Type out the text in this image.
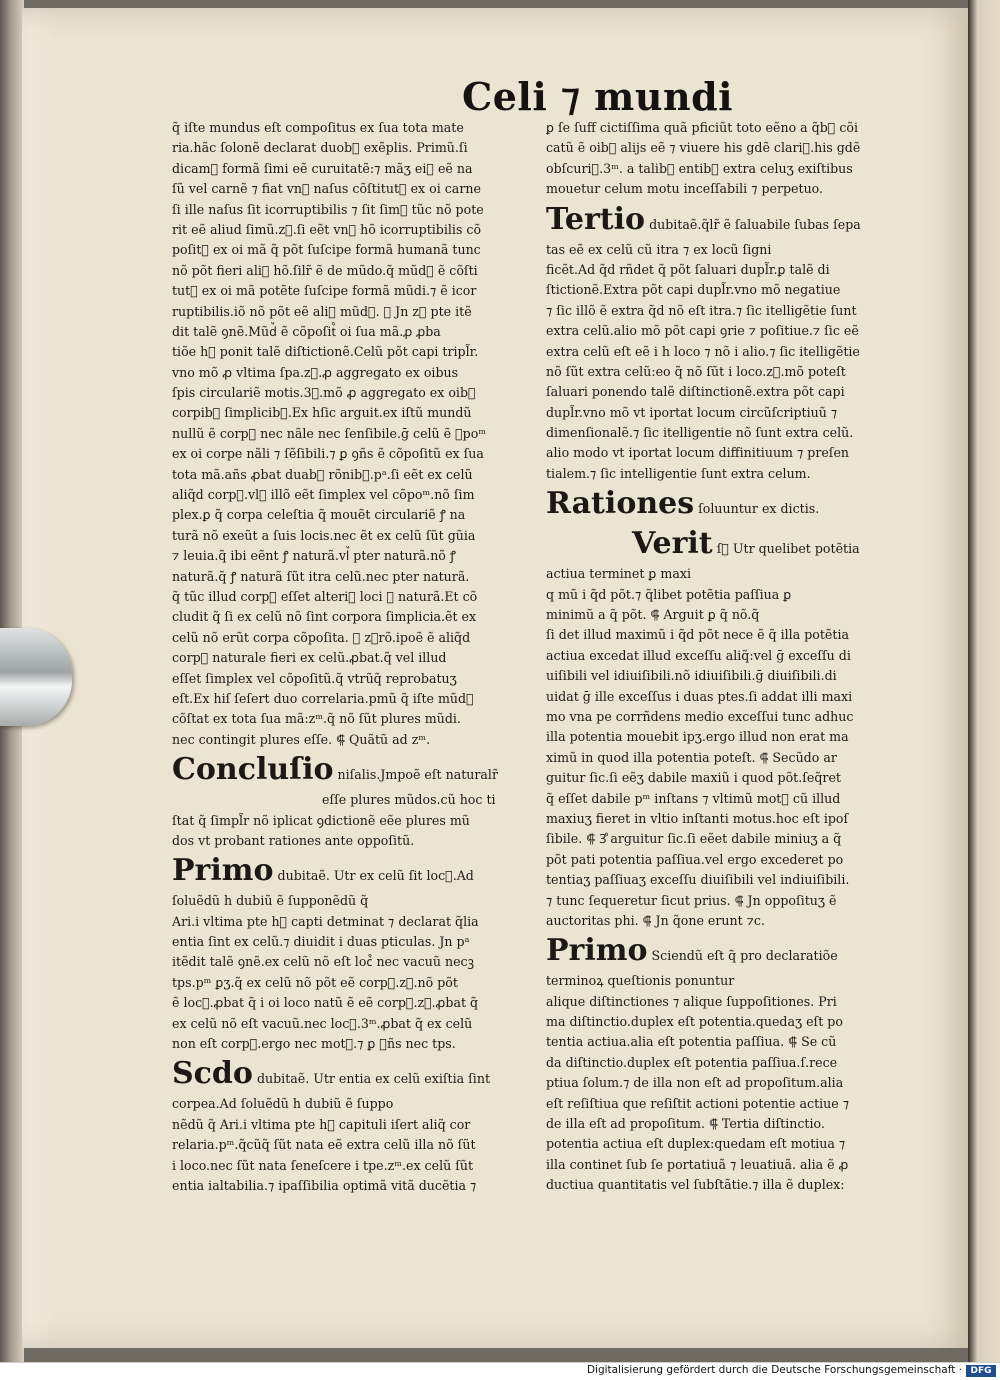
Celi ⁊ mundi
q̃ iſte mundus eſt compoſitus ex ſua tota mate
ria.hãc ſolonẽ declarat duob᷒ exẽplis. Primũ.ſi
dicam᷒ formã ſimi eẽ curuitatẽ:⁊ mãʒ ei᷒ eẽ na
ſũ vel carnẽ ⁊ fiat vn᷒ naſus cõſtitut᷒ ex oi carne
ſi ille naſus ſit icorruptibilis ⁊ ſit ſim᷒ tũc nõ pote
rit eẽ aliud ſimũ.z᷒.ſi eẽt vn᷒ hõ icorruptibilis cõ
poſit᷒ ex oi mã q̃ põt ſuſcipe formã humanã tunc
nõ põt fieri ali᷒ hõ.ſilr̃ ẽ de mũdo.q̃ mũd᷒ ẽ cõſti
tut᷒ ex oi mã potẽte ſuſcipe formã mũdi.⁊ ẽ icor
ruptibilis.iõ nõ põt eẽ ali᷒ mũd᷒. ⸿ Jn z᷒ pte itẽ
dit talẽ ꝯnẽ.Mũd᷒ ẽ cõpoſit᷒ oi ſua mã.ꝓ ꝓba
tiõe h᷒ ponit talẽ diſtictionẽ.Celũ põt capi tripl̃r.
vno mõ ꝓ vltima ſpa.z᷒.ꝓ aggregato ex oibus
ſpis circulariẽ motis.3᷒.mõ ꝓ aggregato ex oib᷒
corpib᷒ ſimplicib᷒.Ex hſic arguit.ex iſtũ mundũ
nullũ ẽ corp᷒ nec nãle nec ſenſibile.ḡ celũ ẽ ꝯpoᵐ
ex oi corpe nãli ⁊ ſẽſibili.⁊ ꝑ ꝯñs ẽ cõpoſitũ ex ſua
tota mã.añs ꝓbat duab᷒ rõnib᷒.pᵃ.ſi eẽt ex celũ
aliq̃d corp᷒.vl᷒ illõ eẽt ſimplex vel cõpoᵐ.nõ ſim
plex.ꝑ q̃ corpa celeſtia q̃ mouẽt circulariẽ ꝭ na
turã nõ exeũt a ſuis locis.nec ẽt ex celũ ſũt gũia
⁊ leuia.q̃ ibi eẽnt ꝭ naturã.vl᷒ pter naturã.nõ ꝭ
naturã.q̃ ꝭ naturã ſũt itra celũ.nec pter naturã.
q̃ tũc illud corp᷒ eſſet alteri᷒ loci ꝭ naturã.Et cõ
cludit q̃ ſi ex celũ nõ ſint corpora ſimplicia.ẽt ex
celũ nõ erũt corpa cõpoſita. ⸿ z᷒rõ.ipoẽ ẽ aliq̃d
corp᷒ naturale fieri ex celũ.ꝓbat.q̃ vel illud
eſſet ſimplex vel cõpoſitũ.q̃ vtrũq̃ reprobatuʒ
eſt.Ex hiſ ſeſert duo correlaria.pmũ q̃ iſte mũd᷒
cõſtat ex tota ſua mã:zᵐ.q̃ nõ ſũt plures mũdi.
nec contingit plures eſſe. ⸿ Quãtũ ad zᵐ.
Concluſio niſalis.Jmpoẽ eſt naturalr̃
eſſe plures mũdos.cũ hoc ti
ſtat q̃ ſimpl̃r nõ iplicat ꝯdictionẽ eẽe plures mũ
dos vt probant rationes ante oppoſitũ.
Primo dubitaẽ. Utr ex celũ ſit loc᷒.Ad
ſoluẽdũ h dubiũ ẽ ſupponẽdũ q̃
Ari.i vltima pte h᷒ capti detminat ⁊ declarat q̃lia
entia ſint ex celũ.⁊ diuidit i duas pticulas. Jn pᵃ
itẽdit talẽ ꝯnẽ.ex celũ nõ eſt loc᷒ nec vacuũ necꝫ
tps.pᵐ ꝑʒ.q̃ ex celũ nõ põt eẽ corp᷒.z᷒.nõ põt
ẽ loc᷒.ꝓbat q̃ i oi loco natũ ẽ eẽ corp᷒.z᷒.ꝓbat q̃
ex celũ nõ eſt vacuũ.nec loc᷒.3ᵐ.ꝓbat q̃ ex celũ
non eſt corp᷒.ergo nec mot᷒.⁊ ꝑ ꝯñs nec tps.
Scdo dubitaẽ. Utr entia ex celũ exiſtia ſint
corpea.Ad ſoluẽdũ h dubiũ ẽ ſuppo
nẽdũ q̃ Ari.i vltima pte h᷒ capituli iſert aliq̃ cor
relaria.pᵐ.q̃cũq̃ ſũt nata eẽ extra celũ illa nõ ſũt
i loco.nec ſũt nata ſeneſcere i tpe.zᵐ.ex celũ ſũt
entia ialtabilia.⁊ ipaſſibilia optimã vitã ducẽtia ⁊
ꝑ ſe ſuff cictiſſima quã pficiũt toto eẽno a q̃b᷒ cõi
catũ ẽ oib᷒ alijs eẽ ⁊ viuere his gdẽ clari᷒.his gdẽ
obſcuri᷒.3ᵐ. a talib᷒ entib᷒ extra celuʒ exiſtibus
mouetur celum motu inceſſabili ⁊ perpetuo.
Tertio dubitaẽ.q̃lr̃ ẽ ſaluabile ſubas ſepa
tas eẽ ex celũ cũ itra ⁊ ex locũ ſigni
ficẽt.Ad q̃d rñdet q̃ põt ſaluari dupl̃r.ꝑ talẽ di
ſtictionẽ.Extra põt capi dupl̃r.vno mõ negatiue
⁊ ſic illõ ẽ extra q̃d nõ eſt itra.⁊ ſic itelligẽtie ſunt
extra celũ.alio mõ põt capi ꝯrie ⁊ poſitiue.⁊ ſic eẽ
extra celũ eſt eẽ i h loco ⁊ nõ i alio.⁊ ſic itelligẽtie
nõ ſũt extra celũ:eo q̃ nõ ſũt i loco.z᷒.mõ poteſt
ſaluari ponendo talẽ diſtinctionẽ.extra põt capi
dupl̃r.vno mõ vt iportat locum circũſcriptiuũ ⁊
dimenſionalẽ.⁊ ſic itelligentie nõ ſunt extra celũ.
alio modo vt iportat locum diffinitiuum ⁊ preſen
tialem.⁊ ſic intelligentie ſunt extra celum.
Rationes ſoluuntur ex dictis.
Verit ſ᷒ Utr quelibet potẽtia
actiua terminet ꝑ maxi
q mũ i q̃d põt.⁊ q̃libet potẽtia paſſiua ꝑ
minimũ a q̃ põt. ⸿ Arguit ꝑ q̃ nõ.q̃
ſi det illud maximũ i q̃d põt nece ẽ q̃ illa potẽtia
actiua excedat illud exceſſu aliq̃:vel ḡ exceſſu di
uiſibili vel idiuiſibili.nõ idiuiſibili.ḡ diuiſibili.di
uidat ḡ ille exceſſus i duas ptes.ſi addat illi maxi
mo vna pe corrñdens medio exceſſui tunc adhuc
illa potentia mouebit ipʒ.ergo illud non erat ma
ximũ in quod illa potentia poteſt. ⸿ Secũdo ar
guitur ſic.ſi eẽʒ dabile maxiũ i quod põt.ſeq̃ret
q̃ eſſet dabile pᵐ inſtans ⁊ vltimũ mot᷒ cũ illud
maxiuʒ fieret in vltio inſtanti motus.hoc eſt ipoſ
ſibile. ⸿ 3᷒ arguitur ſic.ſi eẽet dabile miniuʒ a q̃
põt pati potentia paſſiua.vel ergo excederet po
tentiaʒ paſſiuaʒ exceſſu diuiſibili vel indiuiſibili.
⁊ tunc ſequeretur ſicut prius. ⸿ Jn oppoſituʒ ẽ
auctoritas phi. ⸿ Jn q̃one erunt ⁊c.
Primo Sciendũ eſt q̃ pro declaratiõe
terminoꝝ queſtionis ponuntur
alique diſtinctiones ⁊ alique ſuppoſitiones. Pri
ma diſtinctio.duplex eſt potentia.quedaʒ eſt po
tentia actiua.alia eſt potentia paſſiua. ⸿ Se cũ
da diſtinctio.duplex eſt potentia paſſiua.ſ.rece
ptiua ſolum.⁊ de illa non eſt ad propoſitum.alia
eſt reſiſtiua que reſiſtit actioni potentie actiue ⁊
de illa eſt ad propoſitum. ⸿ Tertia diſtinctio.
potentia actiua eſt duplex:quedam eſt motiua ⁊
illa continet ſub ſe portatiuã ⁊ leuatiuã. alia ẽ ꝓ
ductiua quantitatis vel ſubſtãtie.⁊ illa ẽ duplex:
Digitalisierung gefördert durch die Deutsche Forschungsgemeinschaft · DFG
